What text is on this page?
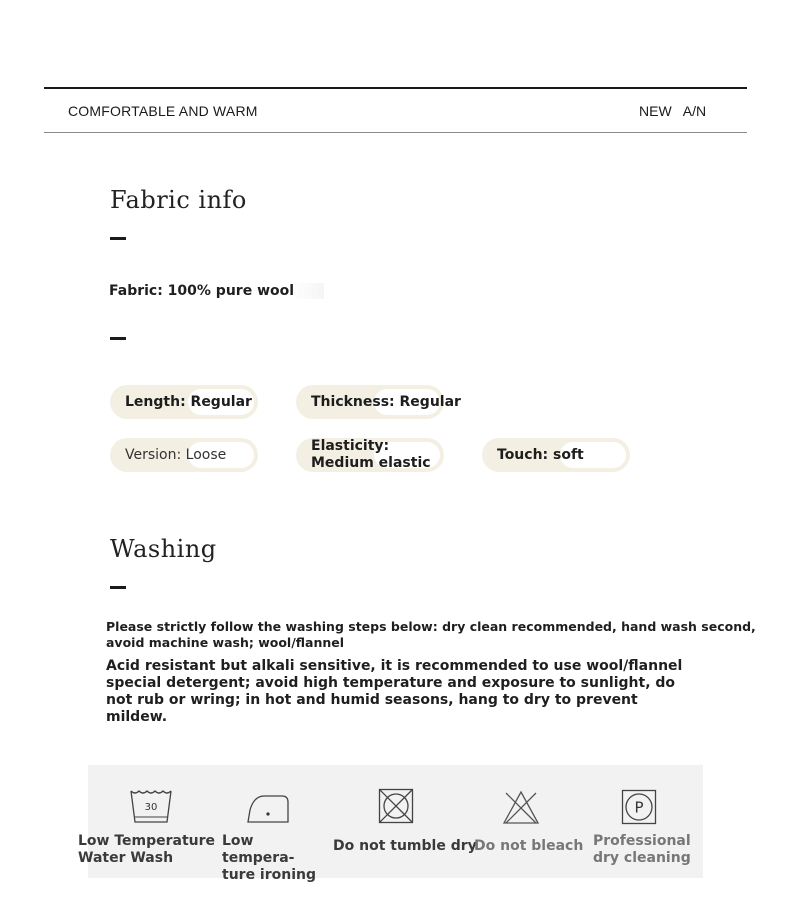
COMFORTABLE AND WARM	NEW A/N
Fabric info
Fabric: 100% pure wool
Length: Regular	Thickness: Regular
Version: Loose
Elasticity: Medium elastic	Touch: soft
Washing
Please strictly follow the washing steps below: dry clean recommended, hand wash second, avoid machine wash; wool/flannel
Acid resistant but alkali sensitive, it is recommended to use wool/flannel special detergent; avoid high temperature and exposure to sunlight, do not rub or wring; in hot and humid seasons, hang to dry to prevent mildew.
30
Low Temperature Water Wash
Low tempera-ture ironing
Do not tumble dry
Do not bleach
P
Professional dry cleaning
